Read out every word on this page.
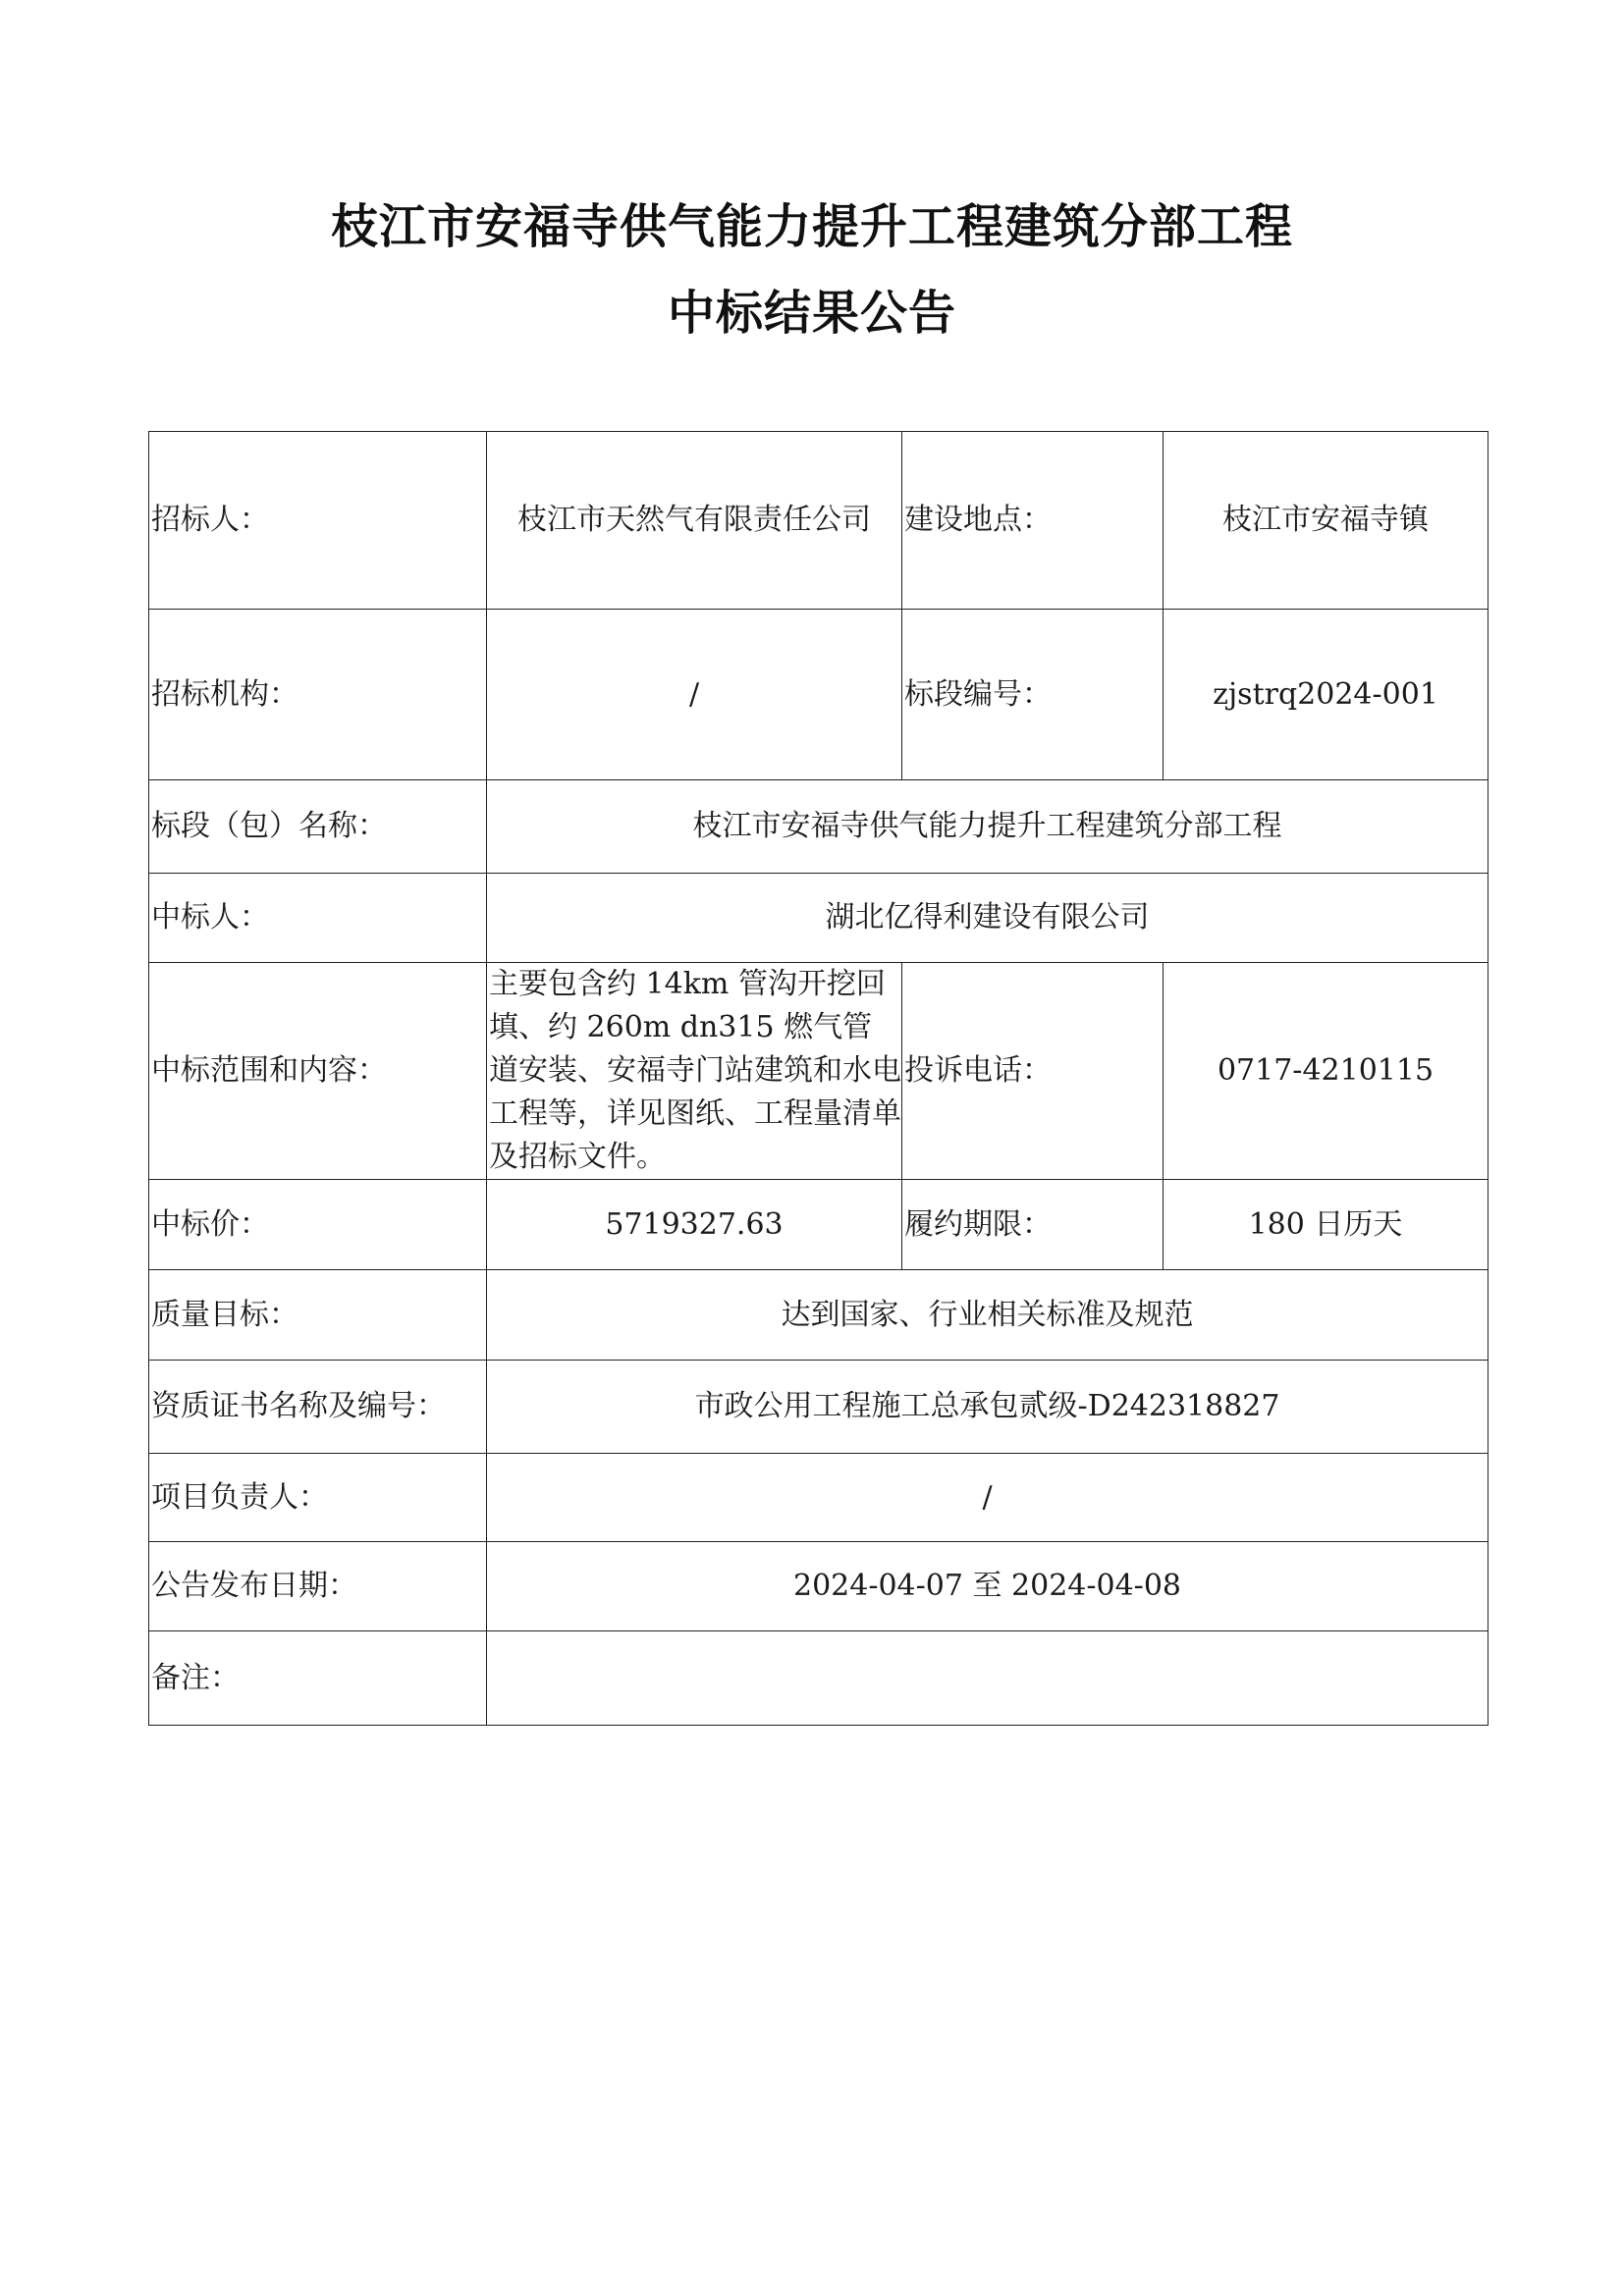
枝江市安福寺供气能力提升工程建筑分部工程
中标结果公告
招标人：	枝江市天然气有限责任公司	建设地点：	枝江市安福寺镇
招标机构：	/	标段编号：	zjstrq2024-001
标段（包）名称：	枝江市安福寺供气能力提升工程建筑分部工程		
中标人：	湖北亿得利建设有限公司		
中标范围和内容：	主要包含约 14km 管沟开挖回填、约 260m dn315 燃气管道安装、安福寺门站建筑和水电工程等，详见图纸、工程量清单及招标文件。	投诉电话：	0717-4210115
中标价：	5719327.63	履约期限：	180 日历天
质量目标：	达到国家、行业相关标准及规范		
资质证书名称及编号：	市政公用工程施工总承包贰级-D242318827		
项目负责人：	/		
公告发布日期：	2024-04-07 至 2024-04-08		
备注：			
